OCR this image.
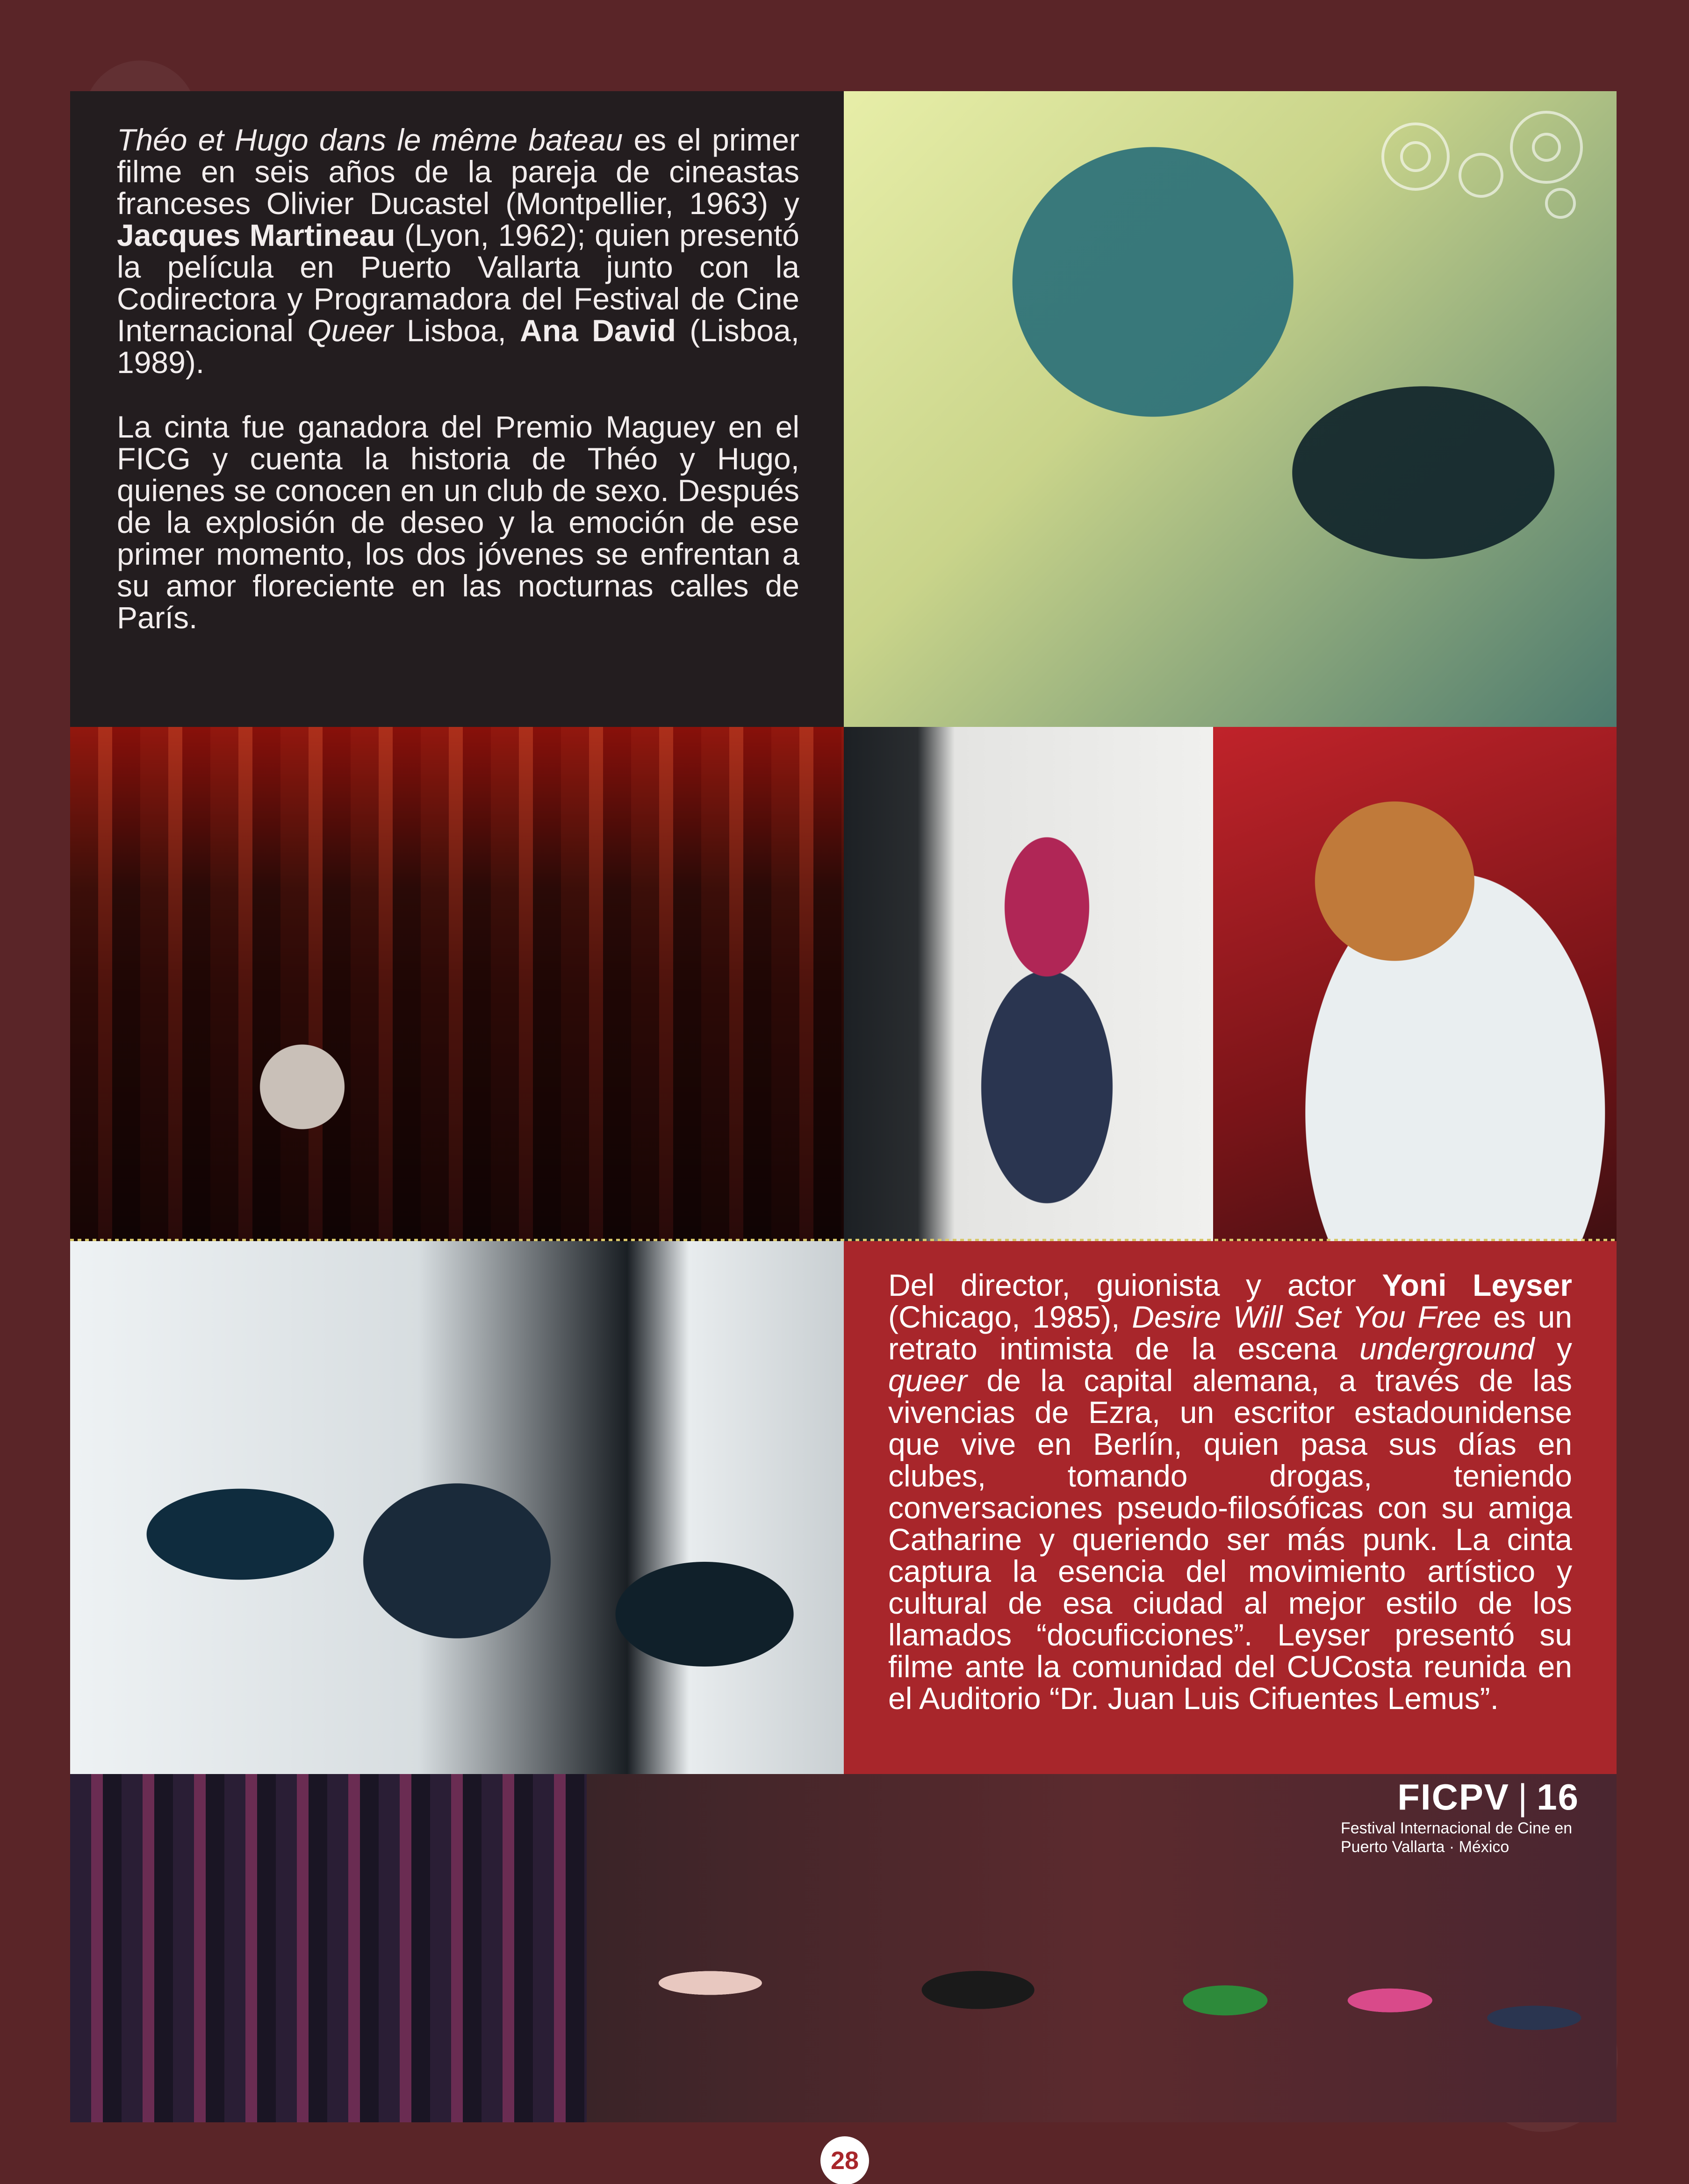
Théo et Hugo dans le même bateau es el primer filme en seis años de la pareja de cineastas franceses Olivier Ducastel (Montpellier, 1963) y Jacques Martineau (Lyon, 1962); quien presentó la película en Puerto Vallarta junto con la Codirectora y Programadora del Festival de Cine Internacional Queer Lisboa, Ana David (Lisboa, 1989).

La cinta fue ganadora del Premio Maguey en el FICG y cuenta la historia de Théo y Hugo, quienes se conocen en un club de sexo. Después de la explosión de deseo y la emoción de ese primer momento, los dos jóvenes se enfrentan a su amor floreciente en las nocturnas calles de París.

Del director, guionista y actor Yoni Leyser (Chicago, 1985), Desire Will Set You Free es un retrato intimista de la escena underground y queer de la capital alemana, a través de las vivencias de Ezra, un escritor estadounidense que vive en Berlín, quien pasa sus días en clubes, tomando drogas, teniendo conversaciones pseudo-filosóficas con su amiga Catharine y queriendo ser más punk. La cinta captura la esencia del movimiento artístico y cultural de esa ciudad al mejor estilo de los llamados “docuficciones”. Leyser presentó su filme ante la comunidad del CUCosta reunida en el Auditorio “Dr. Juan Luis Cifuentes Lemus”.

FICPV | 16
Festival Internacional de Cine en Puerto Vallarta · México
28
